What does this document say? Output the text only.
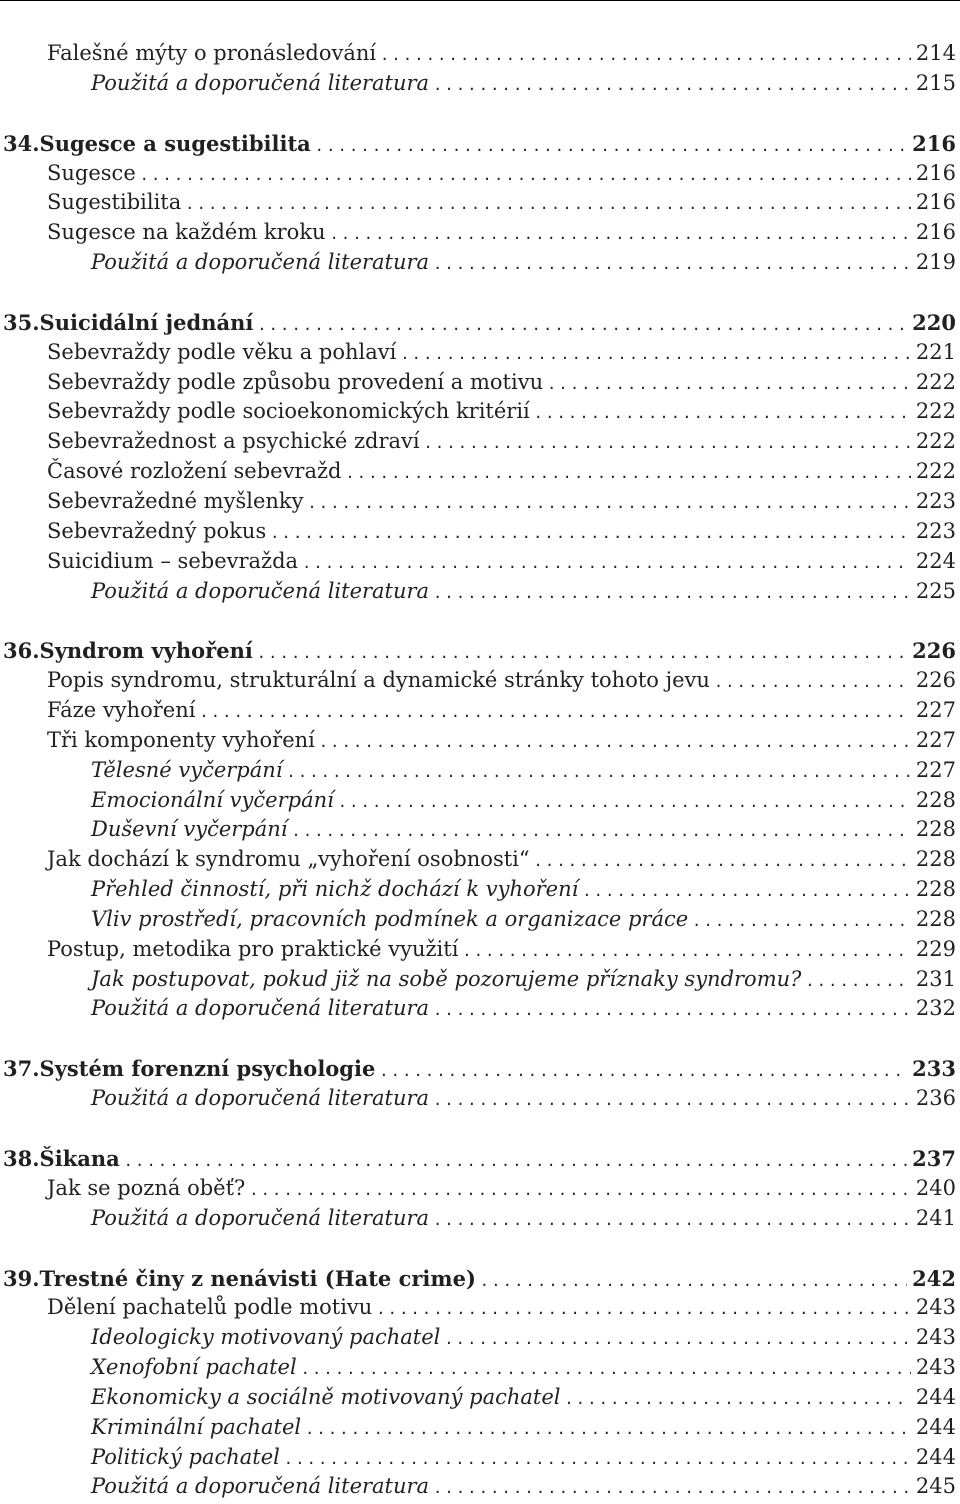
Falešné mýty o pronásledování .....	214
Použitá a doporučená literatura .....	215
34. Sugesce a sugestibilita .....	216
Sugesce .....	216
Sugestibilita .....	216
Sugesce na každém kroku .....	216
Použitá a doporučená literatura .....	219
35. Suicidální jednání .....	220
Sebevraždy podle věku a pohlaví .....	221
Sebevraždy podle způsobu provedení a motivu .....	222
Sebevraždy podle socioekonomických kritérií .....	222
Sebevražednost a psychické zdraví .....	222
Časové rozložení sebevražd .....	222
Sebevražedné myšlenky .....	223
Sebevražedný pokus .....	223
Suicidium – sebevražda .....	224
Použitá a doporučená literatura .....	225
36. Syndrom vyhoření .....	226
Popis syndromu, strukturální a dynamické stránky tohoto jevu .....	226
Fáze vyhoření .....	227
Tři komponenty vyhoření .....	227
Tělesné vyčerpání .....	227
Emocionální vyčerpání .....	228
Duševní vyčerpání .....	228
Jak dochází k syndromu „vyhoření osobnosti“ .....	228
Přehled činností, při nichž dochází k vyhoření .....	228
Vliv prostředí, pracovních podmínek a organizace práce .....	228
Postup, metodika pro praktické využití .....	229
Jak postupovat, pokud již na sobě pozorujeme příznaky syndromu? .....	231
Použitá a doporučená literatura .....	232
37. Systém forenzní psychologie .....	233
Použitá a doporučená literatura .....	236
38. Šikana .....	237
Jak se pozná oběť? .....	240
Použitá a doporučená literatura .....	241
39. Trestné činy z nenávisti (Hate crime) .....	242
Dělení pachatelů podle motivu .....	243
Ideologicky motivovaný pachatel .....	243
Xenofobní pachatel .....	243
Ekonomicky a sociálně motivovaný pachatel .....	244
Kriminální pachatel .....	244
Politický pachatel .....	244
Použitá a doporučená literatura .....	245
